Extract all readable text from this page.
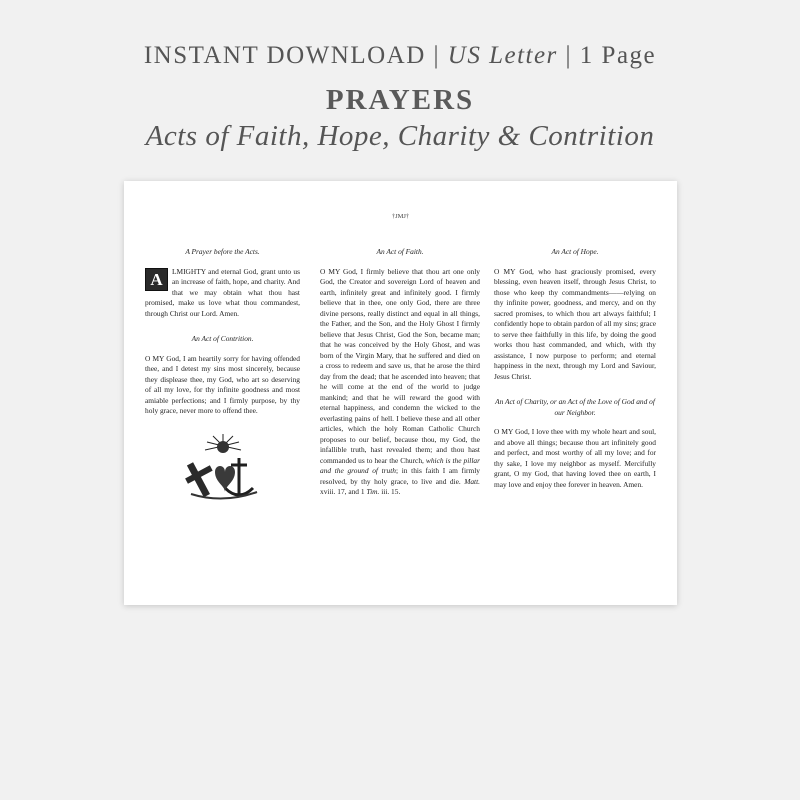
INSTANT DOWNLOAD | US Letter | 1 Page
PRAYERS
Acts of Faith, Hope, Charity & Contrition
†JMJ†
A Prayer before the Acts.
A	LMIGHTY and eternal God, grant unto us an increase of faith, hope, and charity. And that we may obtain what thou hast promised, make us love what thou commandest, through Christ our Lord. Amen.
An Act of Contrition.
O MY God, I am heartily sorry for having offended thee, and I detest my sins most sincerely, because they displease thee, my God, who art so deserving of all my love, for thy infinite goodness and most amiable perfections; and I firmly purpose, by thy holy grace, never more to offend thee.
An Act of Faith.
O MY God, I firmly believe that thou art one only God, the Creator and sovereign Lord of heaven and earth, infinitely great and infinitely good. I firmly believe that in thee, one only God, there are three divine persons, really distinct and equal in all things, the Father, and the Son, and the Holy Ghost I firmly believe that Jesus Christ, God the Son, became man; that he was conceived by the Holy Ghost, and was born of the Virgin Mary, that he suffered and died on a cross to redeem and save us, that he arose the third day from the dead; that he ascended into heaven; that he will come at the end of the world to judge mankind; and that he will reward the good with eternal happiness, and condemn the wicked to the everlasting pains of hell. I believe these and all other articles, which the holy Roman Catholic Church proposes to our belief, because thou, my God, the infallible truth, hast revealed them; and thou hast commanded us to hear the Church, which is the pillar and the ground of truth; in this faith I am firmly resolved, by thy holy grace, to live and die. Matt. xviii. 17, and 1 Tim. iii. 15.
An Act of Hope.
O MY God, who hast graciously promised, every blessing, even heaven itself, through Jesus Christ, to those who keep thy commandments——relying on thy infinite power, goodness, and mercy, and on thy sacred promises, to which thou art always faithful; I confidently hope to obtain pardon of all my sins; grace to serve thee faithfully in this life, by doing the good works thou hast commanded, and which, with thy assistance, I now purpose to perform; and eternal happiness in the next, through my Lord and Saviour, Jesus Christ.
An Act of Charity, or an Act of the Love of God and of our Neighbor.
O MY God, I love thee with my whole heart and soul, and above all things; because thou art infinitely good and perfect, and most worthy of all my love; and for thy sake, I love my neighbor as myself. Mercifully grant, O my God, that having loved thee on earth, I may love and enjoy thee forever in heaven. Amen.
